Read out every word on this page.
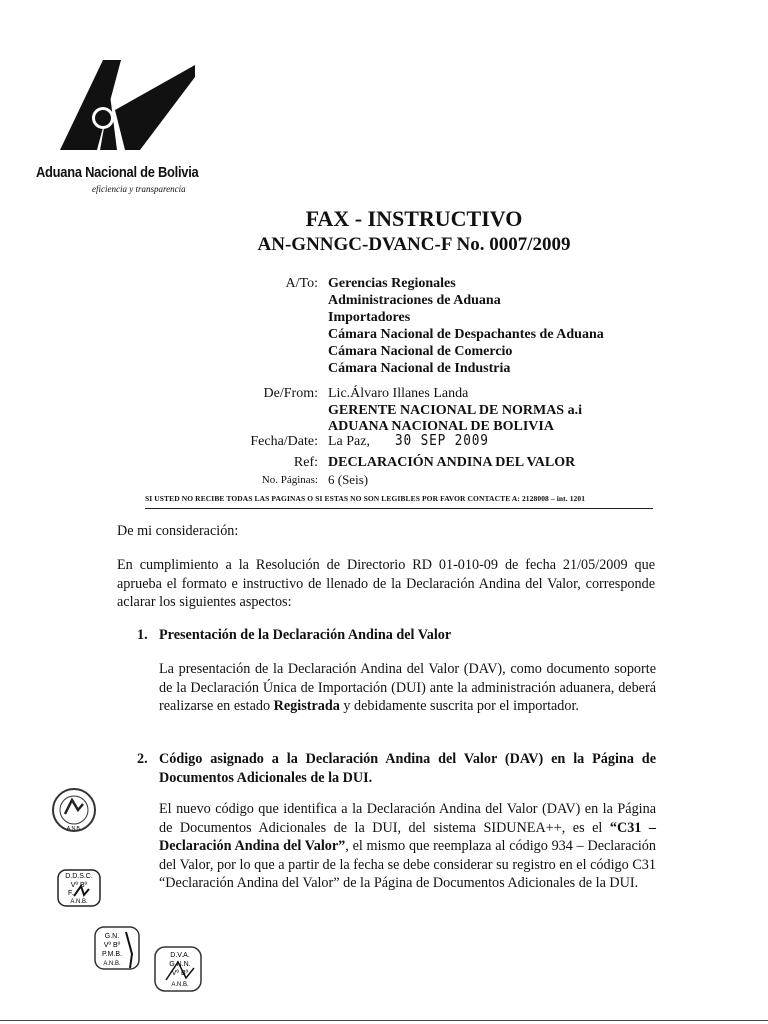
Aduana Nacional de Bolivia
eficiencia y transparencia
FAX - INSTRUCTIVO
AN-GNNGC-DVANC-F No. 0007/2009
A/To: Gerencias Regionales
Administraciones de Aduana
Importadores
Cámara Nacional de Despachantes de Aduana
Cámara Nacional de Comercio
Cámara Nacional de Industria
De/From: Lic.Álvaro Illanes Landa
GERENTE NACIONAL DE NORMAS a.i
ADUANA NACIONAL DE BOLIVIA
Fecha/Date: La Paz, 30 SEP 2009
Ref: DECLARACIÓN ANDINA DEL VALOR
No. Páginas: 6 (Seis)
SI USTED NO RECIBE TODAS LAS PAGINAS O SI ESTAS NO SON LEGIBLES POR FAVOR CONTACTE A: 2128008 – int. 1201
De mi consideración:
En cumplimiento a la Resolución de Directorio RD 01-010-09 de fecha 21/05/2009 que aprueba el formato e instructivo de llenado de la Declaración Andina del Valor, corresponde aclarar los siguientes aspectos:
1. Presentación de la Declaración Andina del Valor
La presentación de la Declaración Andina del Valor (DAV), como documento soporte de la Declaración Única de Importación (DUI) ante la administración aduanera, deberá realizarse en estado Registrada y debidamente suscrita por el importador.
2. Código asignado a la Declaración Andina del Valor (DAV) en la Página de Documentos Adicionales de la DUI.
El nuevo código que identifica a la Declaración Andina del Valor (DAV) en la Página de Documentos Adicionales de la DUI, del sistema SIDUNEA++, es el “C31 – Declaración Andina del Valor”, el mismo que reemplaza al código 934 – Declaración del Valor, por lo que a partir de la fecha se debe considerar su registro en el código C31 “Declaración Andina del Valor” de la Página de Documentos Adicionales de la DUI.
A.N.B.
D.D.S.C.
Vº Bº
F.
A.N.B.
G.N.
Vº Bº
P.M.B.
A.N.B.
D.V.A.
G.N.N.
Vº Bº
A.N.B.
